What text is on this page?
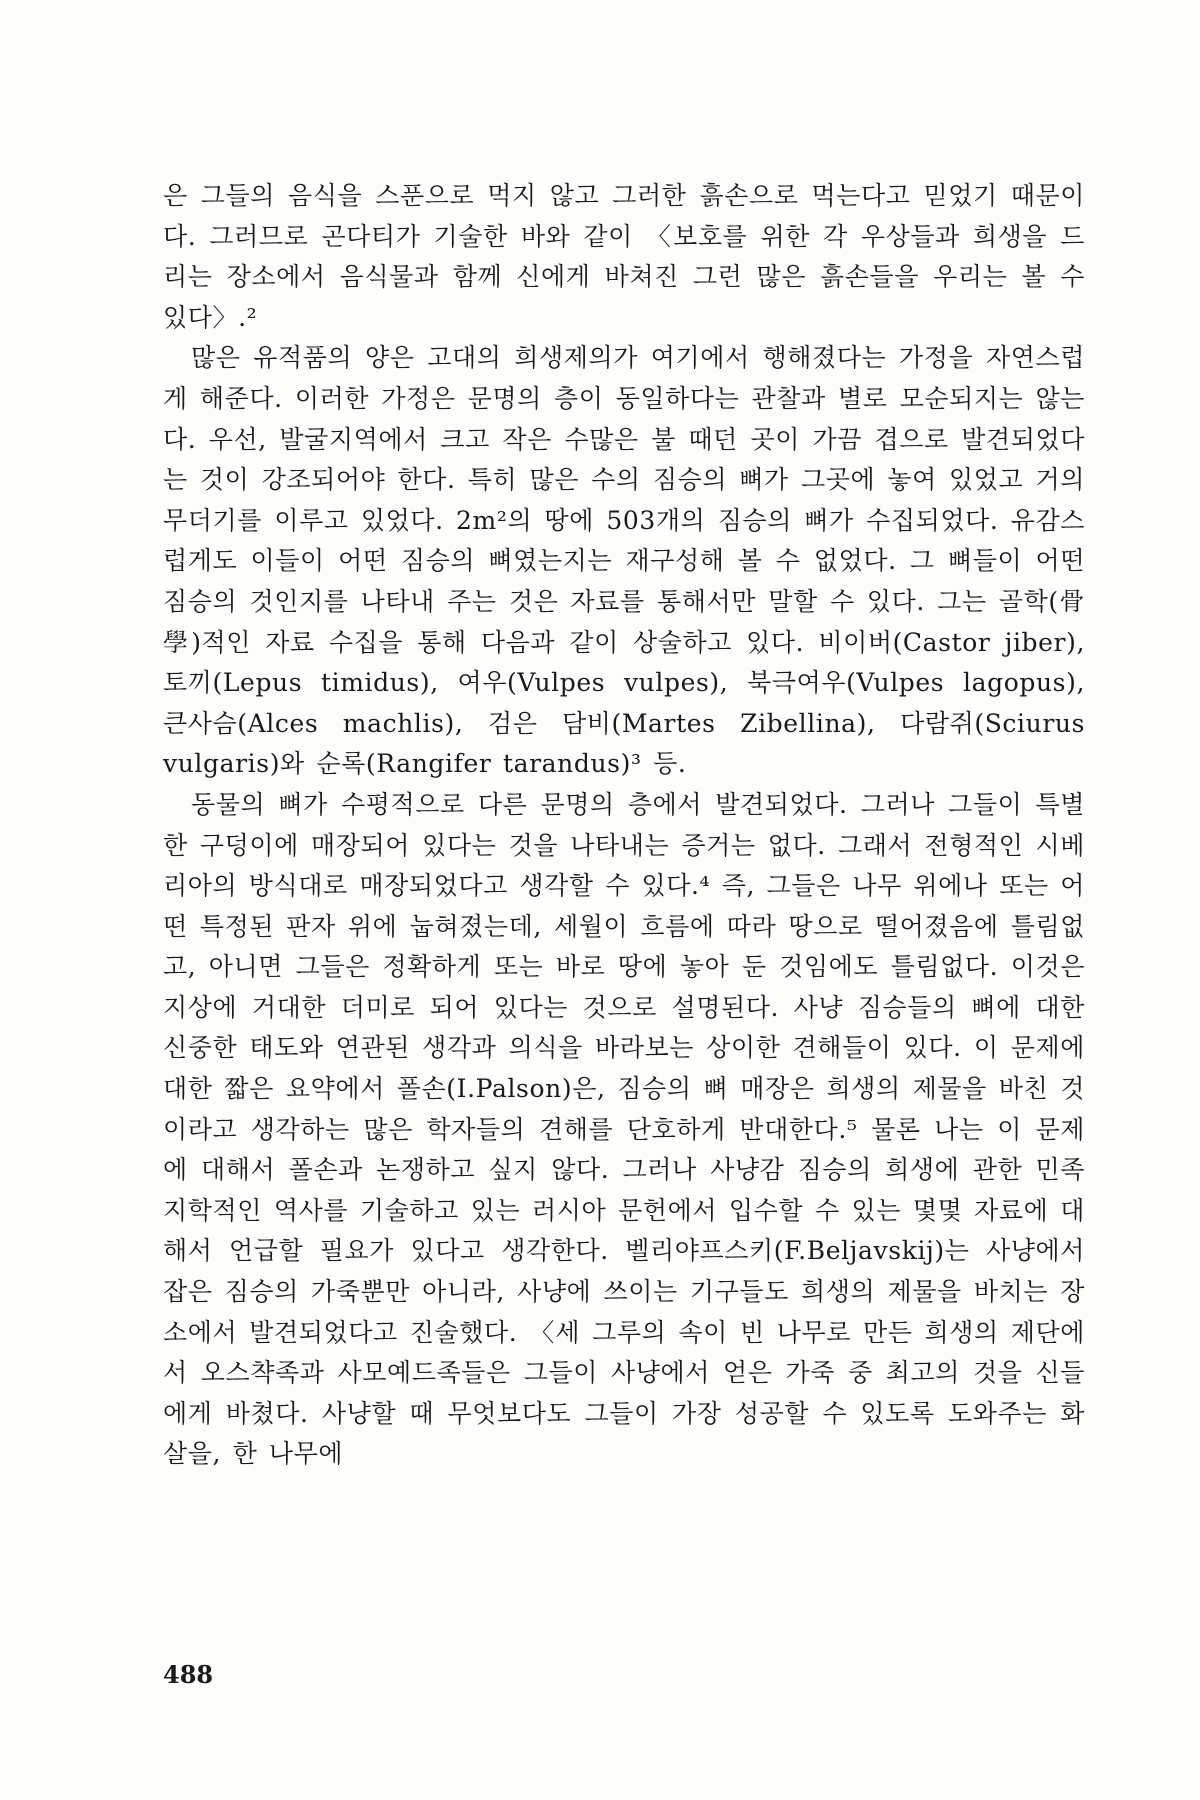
은 그들의 음식을 스푼으로 먹지 않고 그러한 흙손으로 먹는다고 믿었기 때문이다. 그러므로 곤다티가 기술한 바와 같이 〈보호를 위한 각 우상들과 희생을 드리는 장소에서 음식물과 함께 신에게 바쳐진 그런 많은 흙손들을 우리는 볼 수 있다〉.²

많은 유적품의 양은 고대의 희생제의가 여기에서 행해졌다는 가정을 자연스럽게 해준다. 이러한 가정은 문명의 층이 동일하다는 관찰과 별로 모순되지는 않는다. 우선, 발굴지역에서 크고 작은 수많은 불 때던 곳이 가끔 겹으로 발견되었다는 것이 강조되어야 한다. 특히 많은 수의 짐승의 뼈가 그곳에 놓여 있었고 거의 무더기를 이루고 있었다. 2m²의 땅에 503개의 짐승의 뼈가 수집되었다. 유감스럽게도 이들이 어떤 짐승의 뼈였는지는 재구성해 볼 수 없었다. 그 뼈들이 어떤 짐승의 것인지를 나타내 주는 것은 자료를 통해서만 말할 수 있다. 그는 골학(骨學)적인 자료 수집을 통해 다음과 같이 상술하고 있다. 비이버(Castor jiber), 토끼(Lepus timidus), 여우(Vulpes vulpes), 북극여우(Vulpes lagopus), 큰사슴(Alces machlis), 검은 담비(Martes Zibellina), 다람쥐(Sciurus vulgaris)와 순록(Rangifer tarandus)³ 등.

동물의 뼈가 수평적으로 다른 문명의 층에서 발견되었다. 그러나 그들이 특별한 구덩이에 매장되어 있다는 것을 나타내는 증거는 없다. 그래서 전형적인 시베리아의 방식대로 매장되었다고 생각할 수 있다.⁴ 즉, 그들은 나무 위에나 또는 어떤 특정된 판자 위에 눕혀졌는데, 세월이 흐름에 따라 땅으로 떨어졌음에 틀림없고, 아니면 그들은 정확하게 또는 바로 땅에 놓아 둔 것임에도 틀림없다. 이것은 지상에 거대한 더미로 되어 있다는 것으로 설명된다. 사냥 짐승들의 뼈에 대한 신중한 태도와 연관된 생각과 의식을 바라보는 상이한 견해들이 있다. 이 문제에 대한 짧은 요약에서 폴손(I.Palson)은, 짐승의 뼈 매장은 희생의 제물을 바친 것이라고 생각하는 많은 학자들의 견해를 단호하게 반대한다.⁵ 물론 나는 이 문제에 대해서 폴손과 논쟁하고 싶지 않다. 그러나 사냥감 짐승의 희생에 관한 민족지학적인 역사를 기술하고 있는 러시아 문헌에서 입수할 수 있는 몇몇 자료에 대해서 언급할 필요가 있다고 생각한다. 벨리야프스키(F.Beljavskij)는 사냥에서 잡은 짐승의 가죽뿐만 아니라, 사냥에 쓰이는 기구들도 희생의 제물을 바치는 장소에서 발견되었다고 진술했다. 〈세 그루의 속이 빈 나무로 만든 희생의 제단에서 오스챡족과 사모예드족들은 그들이 사냥에서 얻은 가죽 중 최고의 것을 신들에게 바쳤다. 사냥할 때 무엇보다도 그들이 가장 성공할 수 있도록 도와주는 화살을, 한 나무에

488
